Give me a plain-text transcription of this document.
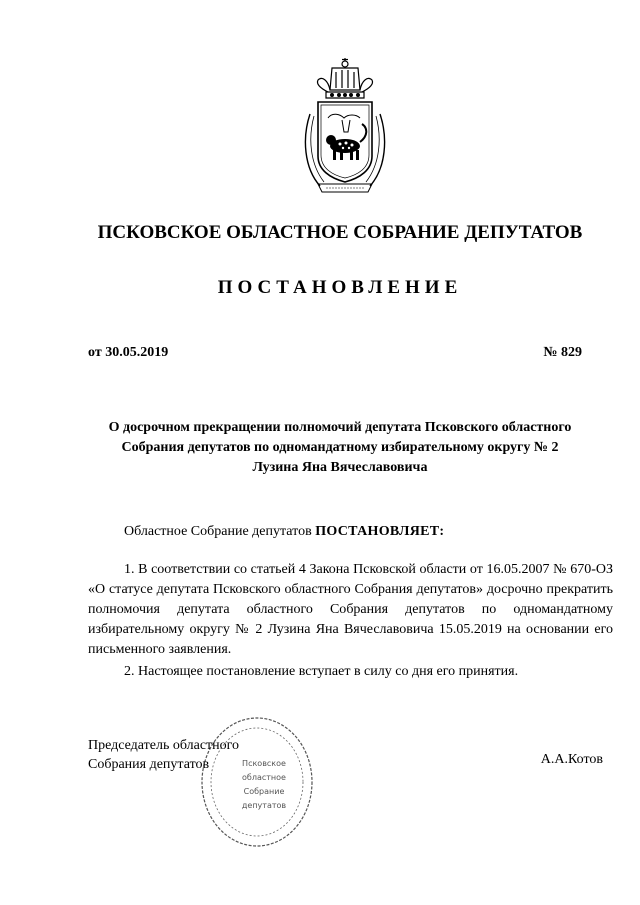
ПСКОВСКОЕ ОБЛАСТНОЕ СОБРАНИЕ ДЕПУТАТОВ
ПОСТАНОВЛЕНИЕ
от 30.05.2019	№ 829
О досрочном прекращении полномочий депутата Псковского областного
Собрания депутатов по одномандатному избирательному округу № 2
Лузина Яна Вячеславовича
Областное Собрание депутатов ПОСТАНОВЛЯЕТ:
1. В соответствии со статьей 4 Закона Псковской области от 16.05.2007 № 670-ОЗ «О статусе депутата Псковского областного Собрания депутатов» досрочно прекратить полномочия депутата областного Собрания депутатов по одномандатному избирательному округу № 2 Лузина Яна Вячеславовича 15.05.2019 на основании его письменного заявления.
2. Настоящее постановление вступает в силу со дня его принятия.
Псковское
областное
Собрание
депутатов
Председатель областного
Собрания депутатов	А.А.Котов
